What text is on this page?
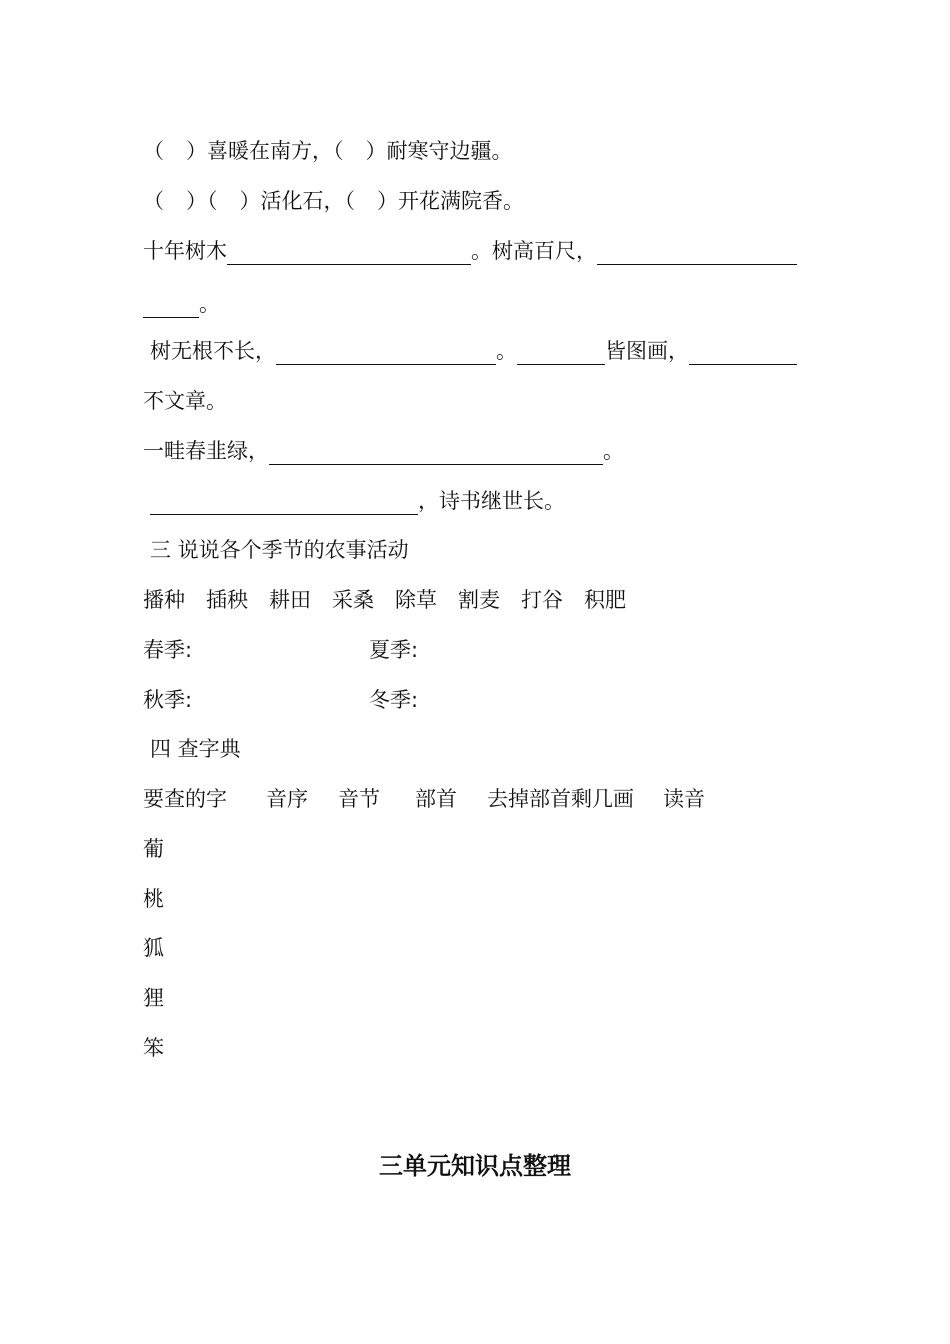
（ ）喜暖在南方，（ ）耐寒守边疆。
（ ）（ ）活化石，（ ）开花满院香。
十年树木	。树高百尺，
。
树无根不长，	。	皆图画，
不文章。
一畦春韭绿，	。
，诗书继世长。
三 说说各个季节的农事活动
播种 插秧 耕田 采桑 除草 割麦 打谷 积肥
春季:	夏季:
秋季:	冬季:
四 查字典
要查的字 音序 音节 部首 去掉部首剩几画 读音
葡
桃
狐
狸
笨
三单元知识点整理
